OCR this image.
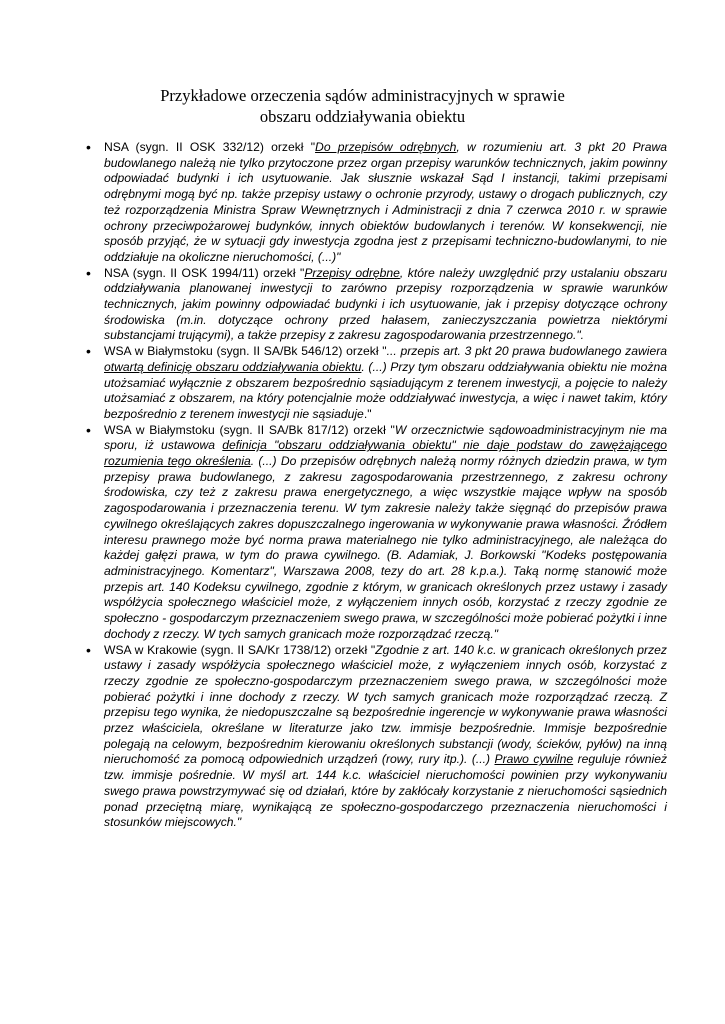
Przykładowe orzeczenia sądów administracyjnych w sprawie
obszaru oddziaływania obiektu
• NSA (sygn. II OSK 332/12) orzekł "Do przepisów odrębnych, w rozumieniu art. 3 pkt 20 Prawa budowlanego należą nie tylko przytoczone przez organ przepisy warunków technicznych, jakim powinny odpowiadać budynki i ich usytuowanie. Jak słusznie wskazał Sąd I instancji, takimi przepisami odrębnymi mogą być np. także przepisy ustawy o ochronie przyrody, ustawy o drogach publicznych, czy też rozporządzenia Ministra Spraw Wewnętrznych i Administracji z dnia 7 czerwca 2010 r. w sprawie ochrony przeciwpożarowej budynków, innych obiektów budowlanych i terenów. W konsekwencji, nie sposób przyjąć, że w sytuacji gdy inwestycja zgodna jest z przepisami techniczno-budowlanymi, to nie oddziałuje na okoliczne nieruchomości, (...)"
• NSA (sygn. II OSK 1994/11) orzekł "Przepisy odrębne, które należy uwzględnić przy ustalaniu obszaru oddziaływania planowanej inwestycji to zarówno przepisy rozporządzenia w sprawie warunków technicznych, jakim powinny odpowiadać budynki i ich usytuowanie, jak i przepisy dotyczące ochrony środowiska (m.in. dotyczące ochrony przed hałasem, zanieczyszczania powietrza niektórymi substancjami trującymi), a także przepisy z zakresu zagospodarowania przestrzennego.".
• WSA w Białymstoku (sygn. II SA/Bk 546/12) orzekł "... przepis art. 3 pkt 20 prawa budowlanego zawiera otwartą definicję obszaru oddziaływania obiektu. (...) Przy tym obszaru oddziaływania obiektu nie można utożsamiać wyłącznie z obszarem bezpośrednio sąsiadującym z terenem inwestycji, a pojęcie to należy utożsamiać z obszarem, na który potencjalnie może oddziaływać inwestycja, a więc i nawet takim, który bezpośrednio z terenem inwestycji nie sąsiaduje."
• WSA w Białymstoku (sygn. II SA/Bk 817/12) orzekł "W orzecznictwie sądowoadministracyjnym nie ma sporu, iż ustawowa definicja "obszaru oddziaływania obiektu" nie daje podstaw do zawężającego rozumienia tego określenia. (...) Do przepisów odrębnych należą normy różnych dziedzin prawa, w tym przepisy prawa budowlanego, z zakresu zagospodarowania przestrzennego, z zakresu ochrony środowiska, czy też z zakresu prawa energetycznego, a więc wszystkie mające wpływ na sposób zagospodarowania i przeznaczenia terenu. W tym zakresie należy także sięgnąć do przepisów prawa cywilnego określających zakres dopuszczalnego ingerowania w wykonywanie prawa własności. Źródłem interesu prawnego może być norma prawa materialnego nie tylko administracyjnego, ale należąca do każdej gałęzi prawa, w tym do prawa cywilnego. (B. Adamiak, J. Borkowski "Kodeks postępowania administracyjnego. Komentarz", Warszawa 2008, tezy do art. 28 k.p.a.). Taką normę stanowić może przepis art. 140 Kodeksu cywilnego, zgodnie z którym, w granicach określonych przez ustawy i zasady współżycia społecznego właściciel może, z wyłączeniem innych osób, korzystać z rzeczy zgodnie ze społeczno - gospodarczym przeznaczeniem swego prawa, w szczególności może pobierać pożytki i inne dochody z rzeczy. W tych samych granicach może rozporządzać rzeczą."
• WSA w Krakowie (sygn. II SA/Kr 1738/12) orzekł "Zgodnie z art. 140 k.c. w granicach określonych przez ustawy i zasady współżycia społecznego właściciel może, z wyłączeniem innych osób, korzystać z rzeczy zgodnie ze społeczno-gospodarczym przeznaczeniem swego prawa, w szczególności może pobierać pożytki i inne dochody z rzeczy. W tych samych granicach może rozporządzać rzeczą. Z przepisu tego wynika, że niedopuszczalne są bezpośrednie ingerencje w wykonywanie prawa własności przez właściciela, określane w literaturze jako tzw. immisje bezpośrednie. Immisje bezpośrednie polegają na celowym, bezpośrednim kierowaniu określonych substancji (wody, ścieków, pyłów) na inną nieruchomość za pomocą odpowiednich urządzeń (rowy, rury itp.). (...) Prawo cywilne reguluje również tzw. immisje pośrednie. W myśl art. 144 k.c. właściciel nieruchomości powinien przy wykonywaniu swego prawa powstrzymywać się od działań, które by zakłócały korzystanie z nieruchomości sąsiednich ponad przeciętną miarę, wynikającą ze społeczno-gospodarczego przeznaczenia nieruchomości i stosunków miejscowych."
